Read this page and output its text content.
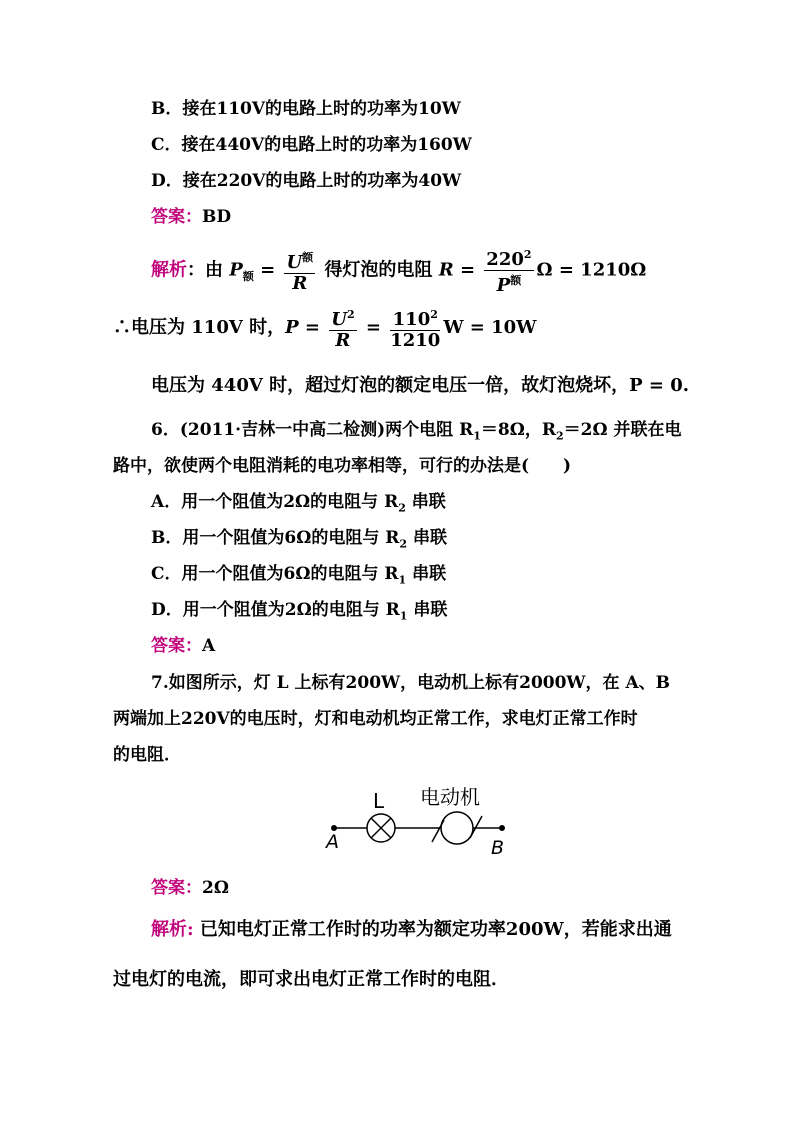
B．接在110V的电路上时的功率为10W
C．接在440V的电路上时的功率为160W
D．接在220V的电路上时的功率为40W
答案：BD
解析：由 $P_额 = \frac{U^额}{R}$ 得灯泡的电阻 $R = \frac{220^2}{P^额}$ Ω = 1210Ω
∴电压为 110V 时，$P = \frac{U^2}{R} = \frac{110^2}{1210}$ W = 10W
电压为 440V 时，超过灯泡的额定电压一倍，故灯泡烧坏，P = 0.
6．(2011·吉林一中高二检测)两个电阻 $R_1=8\Omega$，$R_2=2\Omega$ 并联在电
路中，欲使两个电阻消耗的电功率相等，可行的办法是(　　)
A．用一个阻值为2Ω的电阻与 $R_2$ 串联
B．用一个阻值为6Ω的电阻与 $R_2$ 串联
C．用一个阻值为6Ω的电阻与 $R_1$ 串联
D．用一个阻值为2Ω的电阻与 $R_1$ 串联
答案：A
7.如图所示，灯 L 上标有200W，电动机上标有2000W，在 A、B
两端加上220V的电压时，灯和电动机均正常工作，求电灯正常工作时
的电阻．
L 电动机
A	B
答案：2Ω
解析: 已知电灯正常工作时的功率为额定功率200W，若能求出通
过电灯的电流，即可求出电灯正常工作时的电阻．
